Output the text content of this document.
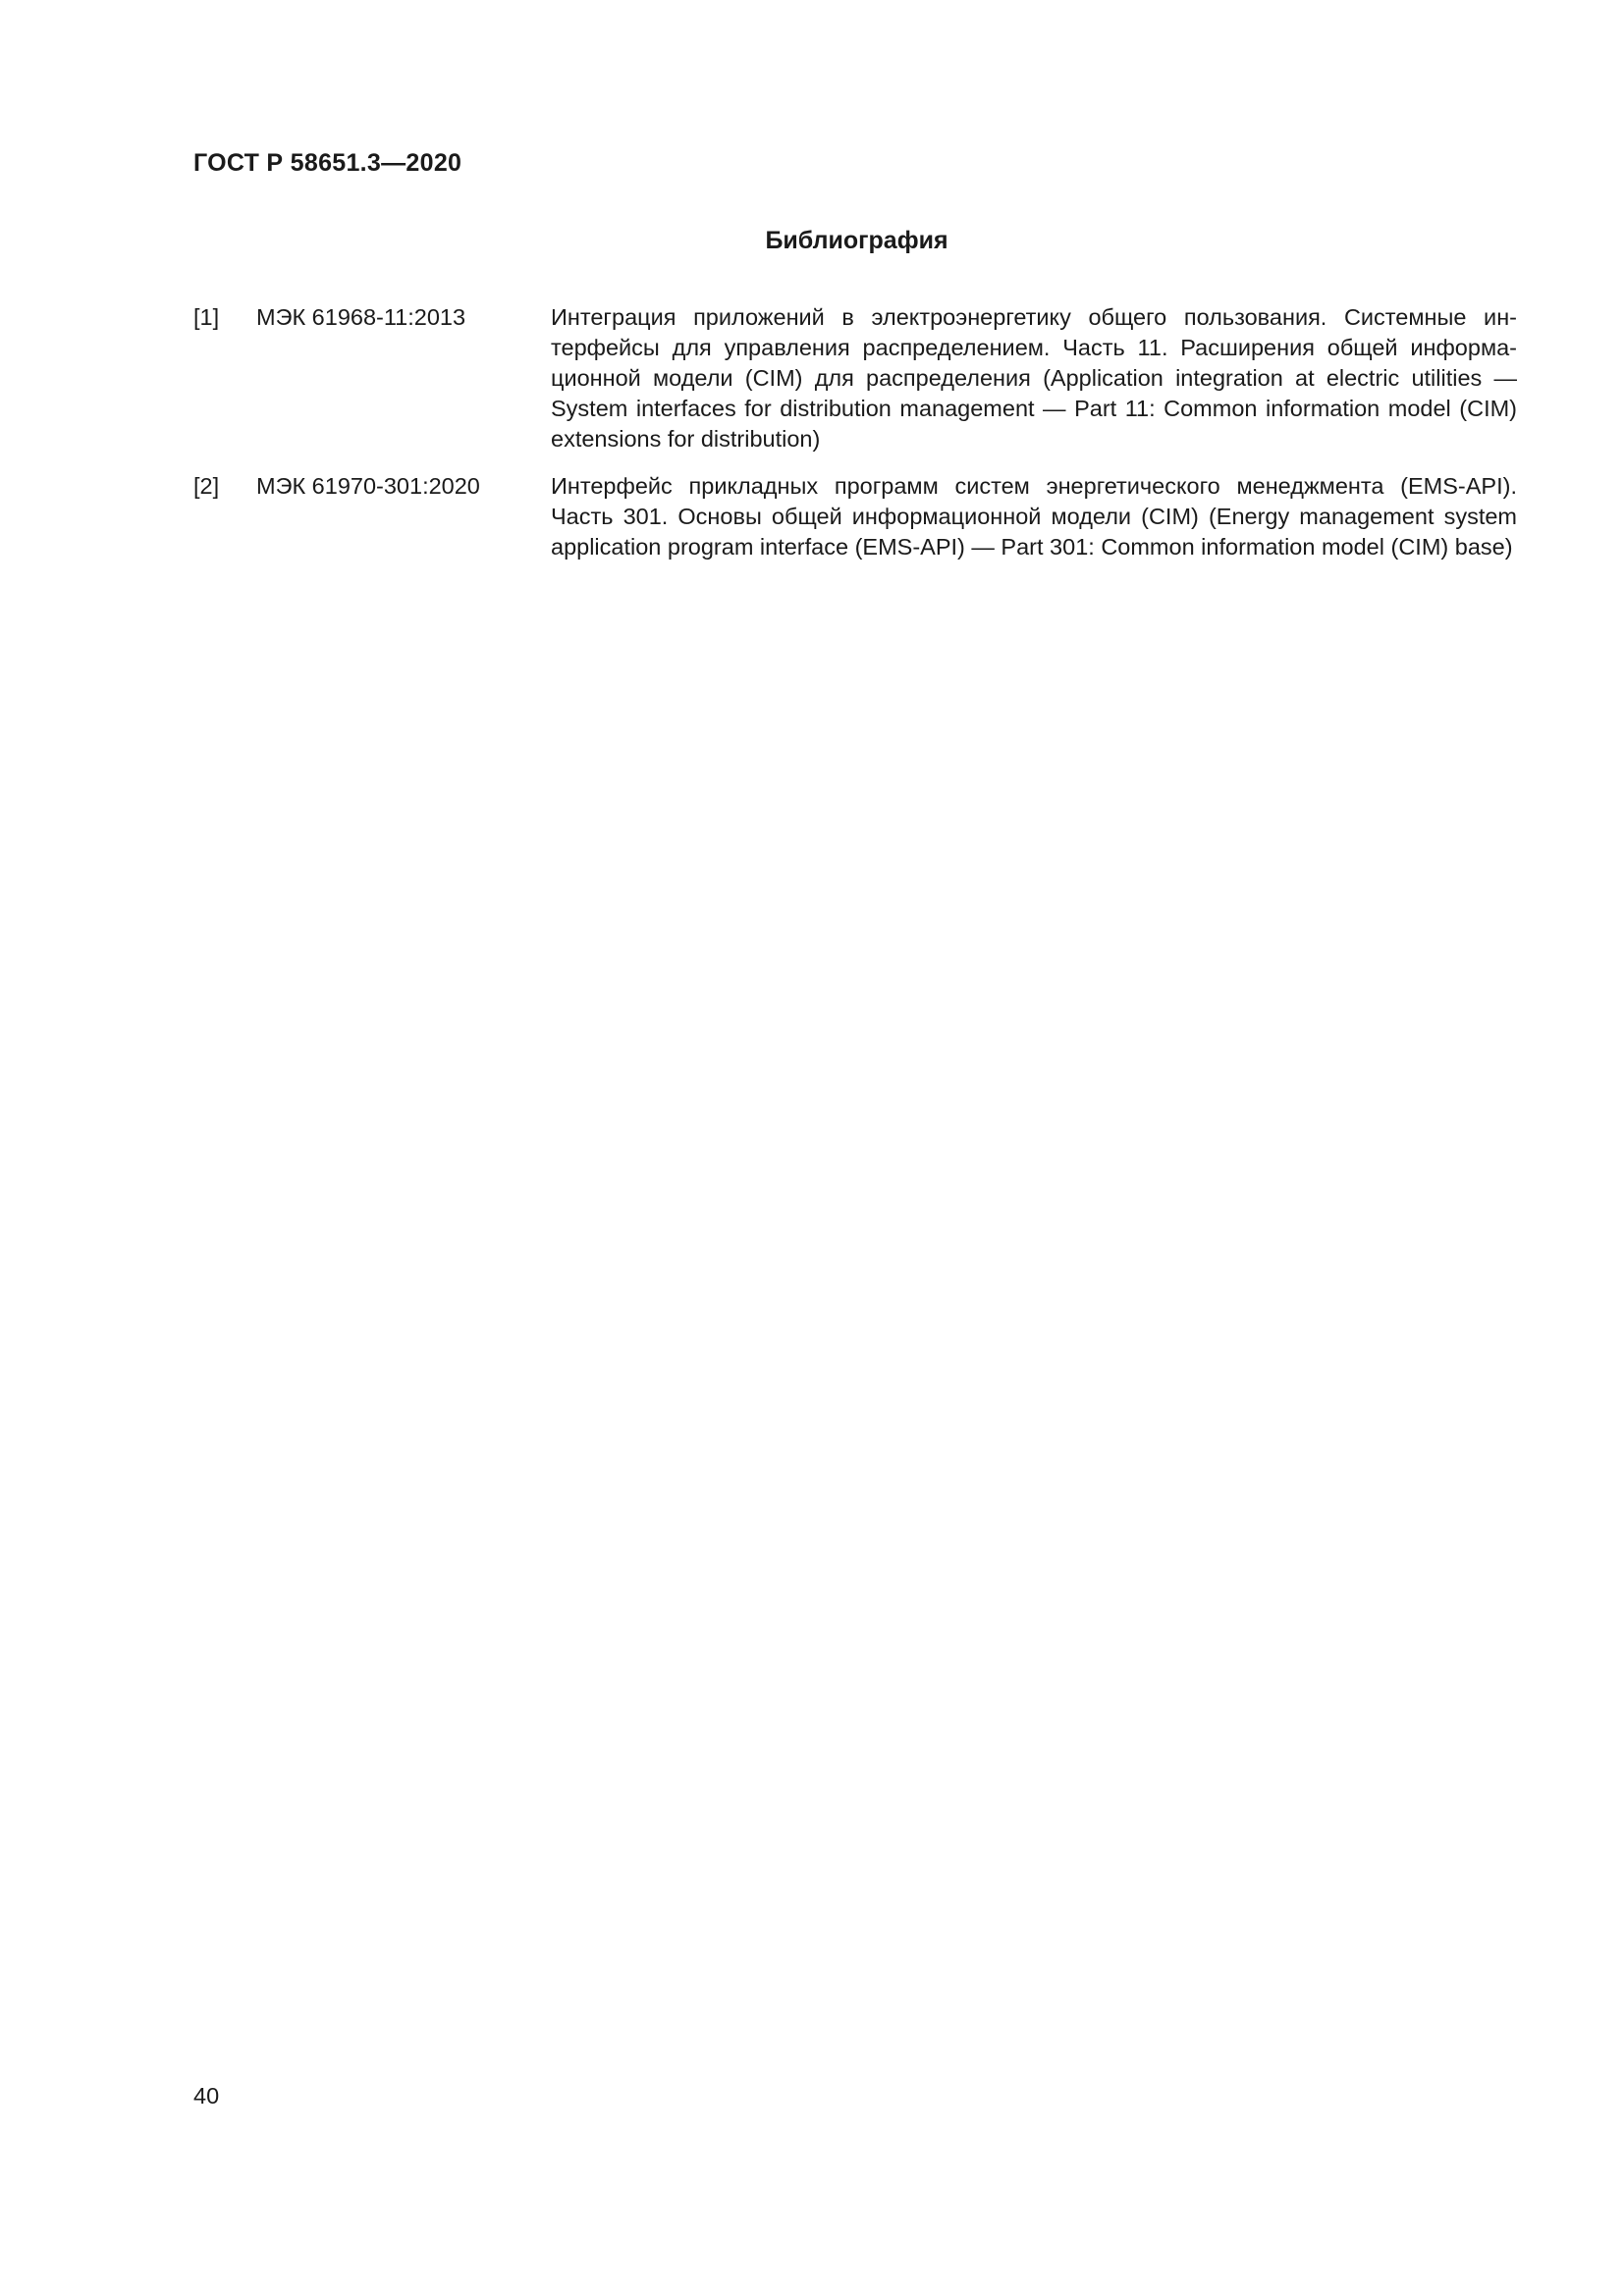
ГОСТ Р 58651.3—2020
Библиография
[1]	МЭК 61968-11:2013	Интеграция приложений в электроэнергетику общего пользования. Системные интерфейсы для управления распределением. Часть 11. Расширения общей информационной модели (CIM) для распределения (Application integration at electric utilities — System interfaces for distribution management — Part 11: Common information model (CIM) extensions for distribution)
[2]	МЭК 61970-301:2020	Интерфейс прикладных программ систем энергетического менеджмента (EMS-API). Часть 301. Основы общей информационной модели (CIM) (Energy management system application program interface (EMS-API) — Part 301: Common information model (CIM) base)
40
